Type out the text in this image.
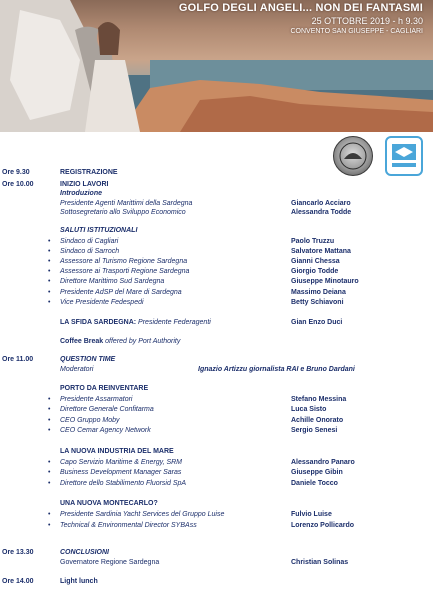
GOLFO DEGLI ANGELI... NON DEI FANTASMI
25 OTTOBRE 2019 - h 9.30
CONVENTO SAN GIUSEPPE - CAGLIARI
Ore 9.30	REGISTRAZIONE
Ore 10.00	INIZIO LAVORI
Introduzione
Presidente Agenti Marittimi della Sardegna	Giancarlo Acciaro
Sottosegretario allo Sviluppo Economico	Alessandra Todde
SALUTI ISTITUZIONALI
• Sindaco di Cagliari	Paolo Truzzu
• Sindaco di Sarroch	Salvatore Mattana
• Assessore al Turismo Regione Sardegna	Gianni Chessa
• Assessore ai Trasporti Regione Sardegna	Giorgio Todde
• Direttore Marittimo Sud Sardegna	Giuseppe Minotauro
• Presidente AdSP del Mare di Sardegna	Massimo Deiana
• Vice Presidente Fedespedi	Betty Schiavoni
LA SFIDA SARDEGNA: Presidente Federagenti	Gian Enzo Duci
Coffee Break offered by Port Authority
Ore 11.00	QUESTION TIME
Moderatori	Ignazio Artizzu giornalista RAI e Bruno Dardani
PORTO DA REINVENTARE
• Presidente Assarmatori	Stefano Messina
• Direttore Generale Confitarma	Luca Sisto
• CEO Gruppo Moby	Achille Onorato
• CEO Cemar Agency Network	Sergio Senesi
LA NUOVA INDUSTRIA DEL MARE
• Capo Servizio Maritime & Energy, SRM	Alessandro Panaro
• Business Development Manager Saras	Giuseppe Gibin
• Direttore dello Stabilimento Fluorsid SpA	Daniele Tocco
UNA NUOVA MONTECARLO?
• Presidente Sardinia Yacht Services del Gruppo Luise	Fulvio Luise
• Technical & Environmental Director SYBAss	Lorenzo Pollicardo
Ore 13.30	CONCLUSIONI
Governatore Regione Sardegna	Christian Solinas
Ore 14.00	Light lunch
